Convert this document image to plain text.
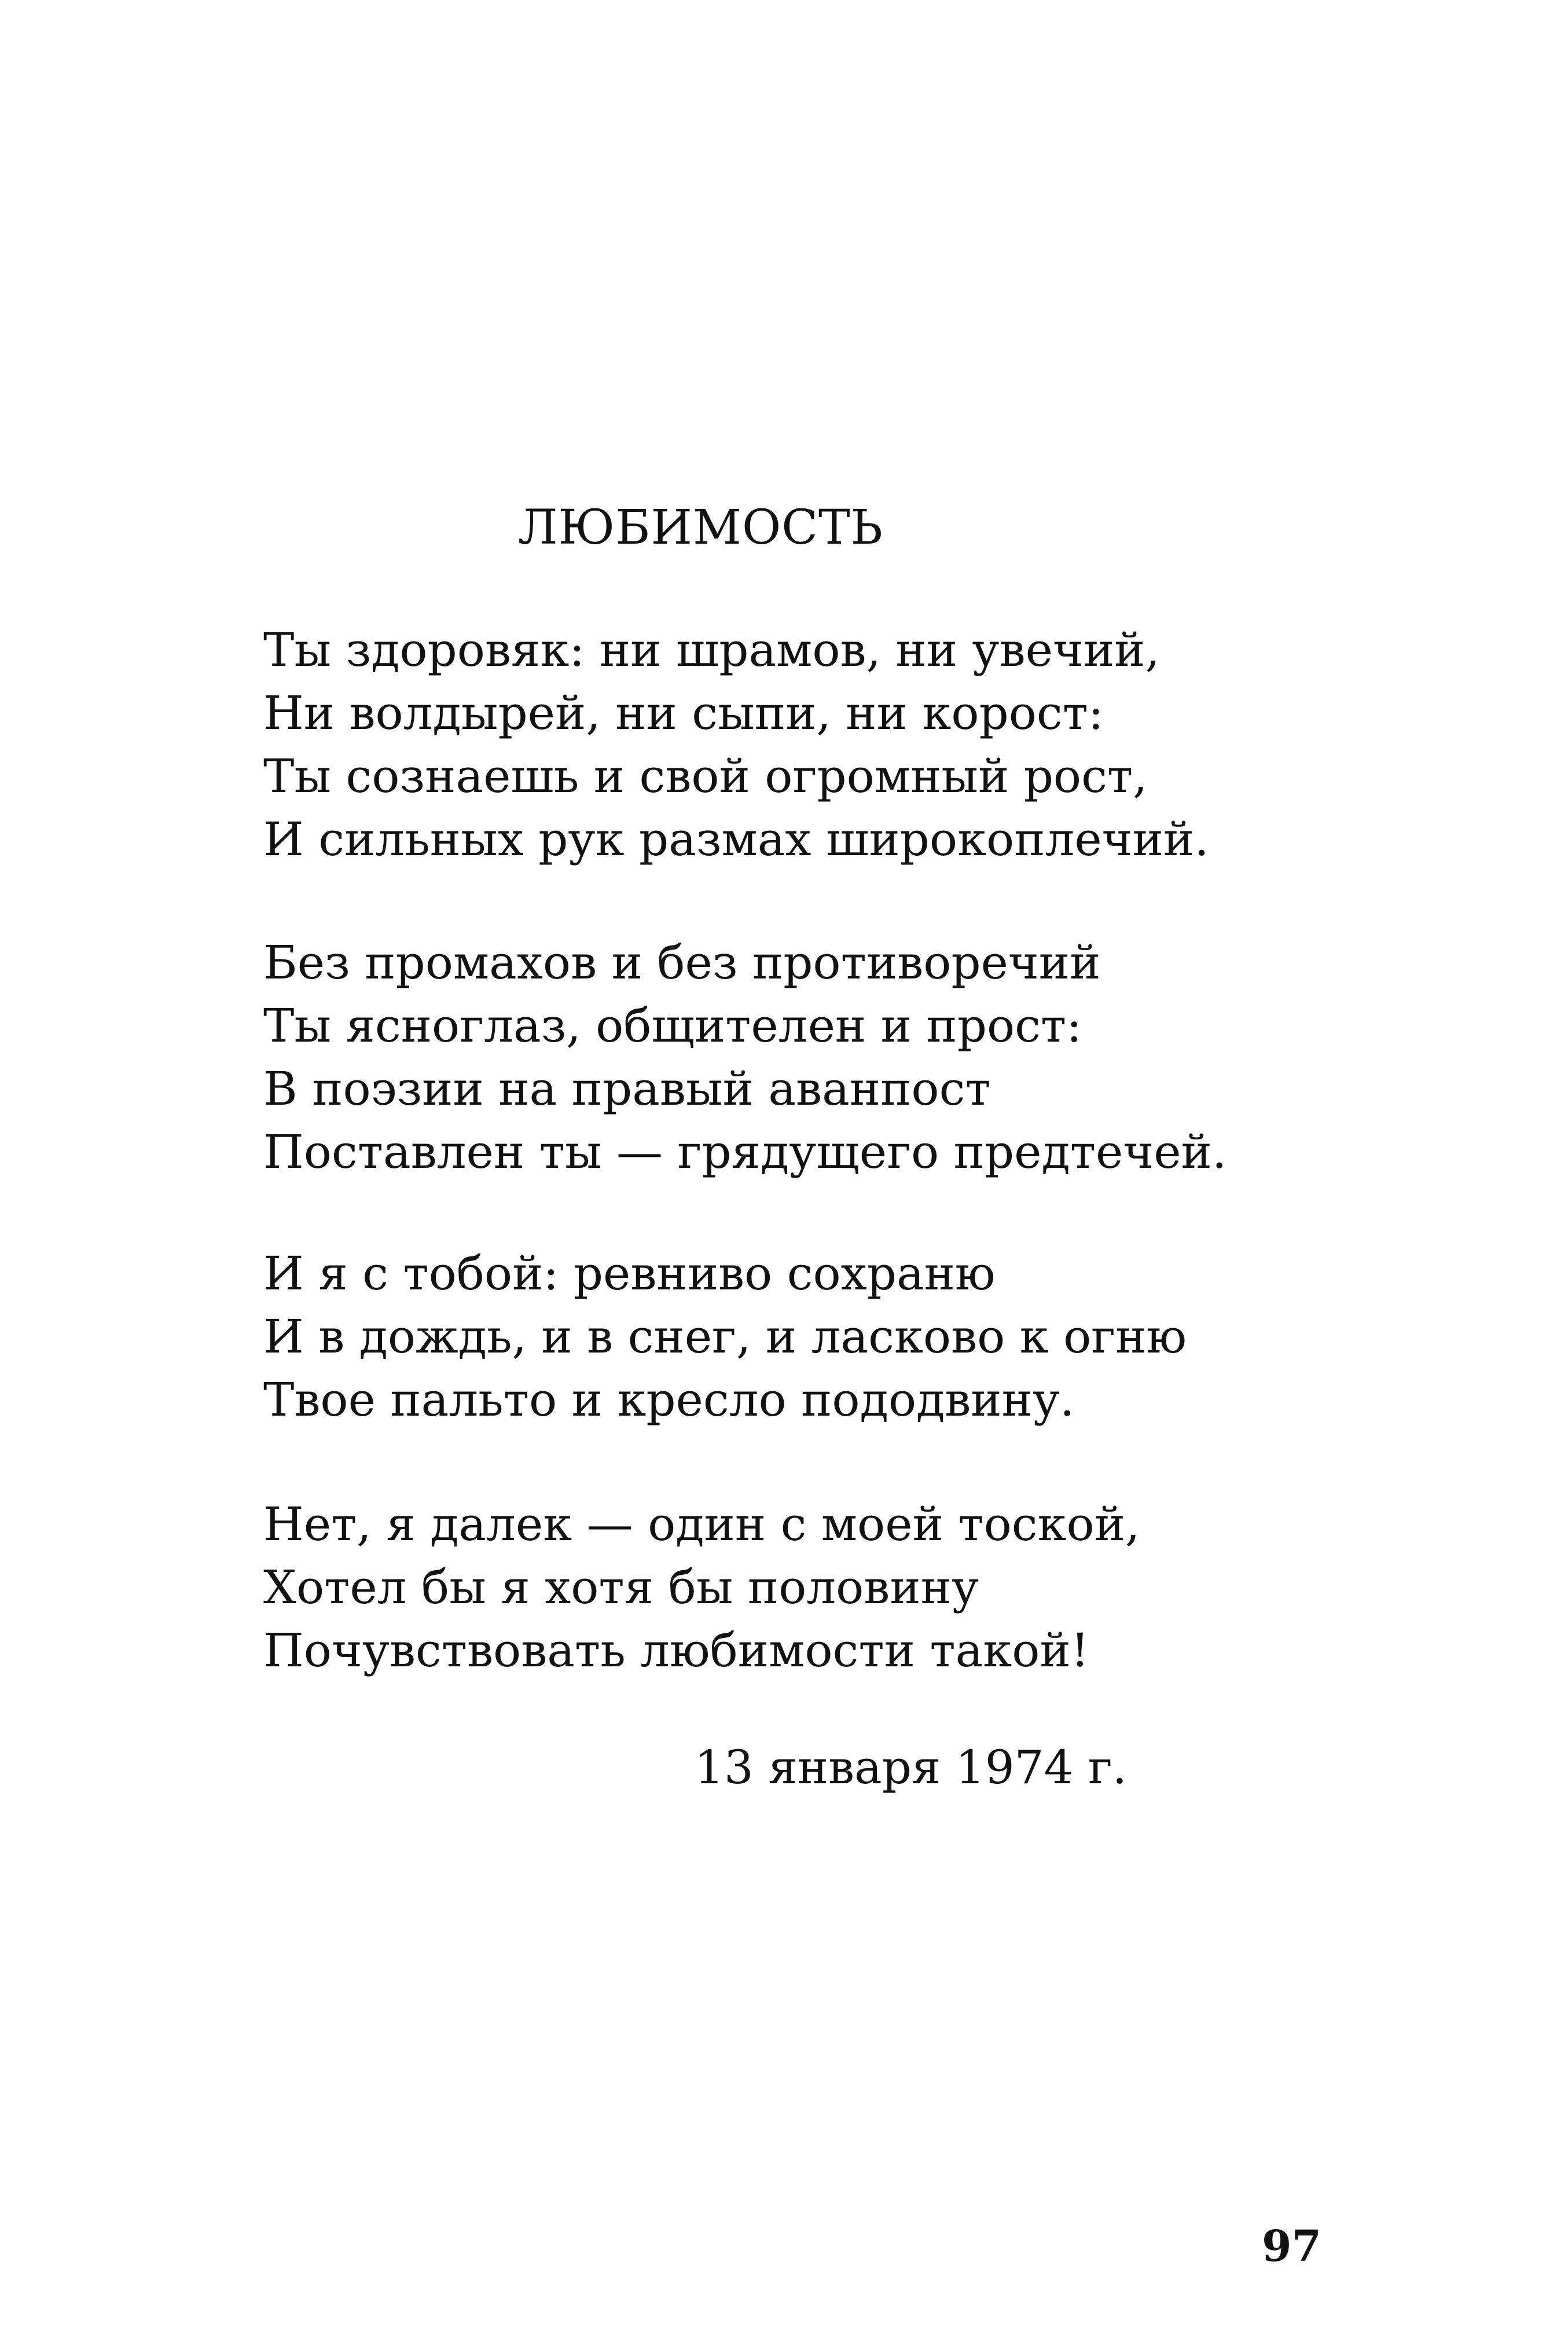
ЛЮБИМОСТЬ
Ты здоровяк: ни шрамов, ни увечий,
Ни волдырей, ни сыпи, ни корост:
Ты сознаешь и свой огромный рост,
И сильных рук размах широкоплечий.
Без промахов и без противоречий
Ты ясноглаз, общителен и прост:
В поэзии на правый аванпост
Поставлен ты — грядущего предтечей.
И я с тобой: ревниво сохраню
И в дождь, и в снег, и ласково к огню
Твое пальто и кресло пододвину.
Нет, я далек — один с моей тоской,
Хотел бы я хотя бы половину
Почувствовать любимости такой!
13 января 1974 г.
97
